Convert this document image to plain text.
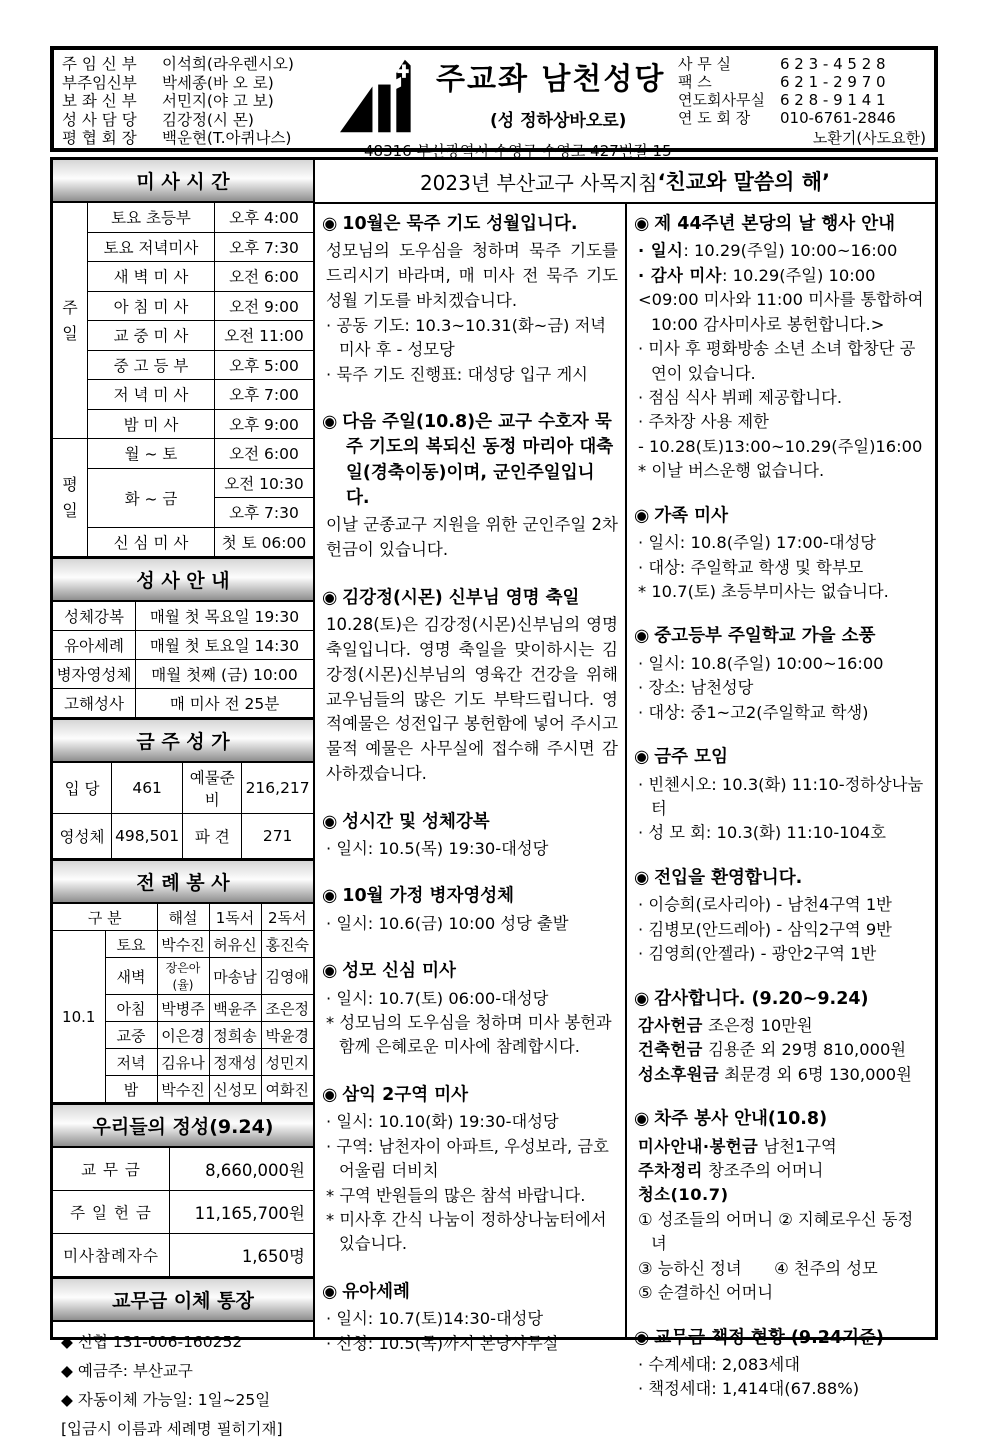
주 임 신 부	이석희(라우렌시오)
부주임신부	박세종(바 오 로)
보 좌 신 부	서민지(야 고 보)
성 사 담 당	김강정(시 몬)
평 협 회 장	백운현(T.아퀴나스)
주교좌 남천성당
(성 정하상바오로)
48316 부산광역시 수영구 수영로 427번길 15
사 무 실	6 2 3 - 4 5 2 8
팩 스	6 2 1 - 2 9 7 0
연도회사무실	6 2 8 - 9 1 4 1
연 도 회 장	010-6761-2846
노환기(사도요한)
미 사 시 간
주일	토요 초등부	오후 4:00
	토요 저녁미사	오후 7:30
	새 벽 미 사	오전 6:00
	아 침 미 사	오전 9:00
	교 중 미 사	오전 11:00
	중 고 등 부	오후 5:00
	저 녁 미 사	오후 7:00
	밤 미 사	오후 9:00
평일	월 ~ 토	오전 6:00
	화 ~ 금	오전 10:30
		오후 7:30
	신 심 미 사	첫 토 06:00
성 사 안 내
성체강복	매월 첫 목요일 19:30
유아세례	매월 첫 토요일 14:30
병자영성체	매월 첫째 (금) 10:00
고해성사	매 미사 전 25분
금 주 성 가
입 당	461	예물준비	216,217
영성체	498,501	파 견	271
전 례 봉 사
구 분		해설	1독서	2독서
10.1	토요	박수진	허유신	홍진숙
	새벽	장은아(율)	마송남	김영애
	아침	박병주	백윤주	조은정
	교중	이은경	정희송	박윤경
	저녁	김유나	정재성	성민지
	밤	박수진	신성모	여화진
우리들의 정성(9.24)
교 무 금	8,660,000원
주 일 헌 금	11,165,700원
미사참례자수	1,650명
교무금 이체 통장
◆ 신협 131-006-160252
◆ 예금주: 부산교구
◆ 자동이체 가능일: 1일~25일
[입금시 이름과 세례명 필히기재]
2023년 부산교구 사목지침 ‘친교와 말씀의 해’
◉ 10월은 묵주 기도 성월입니다.
성모님의 도우심을 청하며 묵주 기도를 드리시기 바라며, 매 미사 전 묵주 기도 성월 기도를 바치겠습니다.
· 공동 기도: 10.3~10.31(화~금) 저녁미사 후 - 성모당
· 묵주 기도 진행표: 대성당 입구 게시
◉ 다음 주일(10.8)은 교구 수호자 묵주 기도의 복되신 동정 마리아 대축일(경축이동)이며, 군인주일입니다.
이날 군종교구 지원을 위한 군인주일 2차헌금이 있습니다.
◉ 김강정(시몬) 신부님 영명 축일
10.28(토)은 김강정(시몬)신부님의 영명 축일입니다. 영명 축일을 맞이하시는 김강정(시몬)신부님의 영육간 건강을 위해 교우님들의 많은 기도 부탁드립니다. 영적예물은 성전입구 봉헌함에 넣어 주시고 물적 예물은 사무실에 접수해 주시면 감사하겠습니다.
◉ 성시간 및 성체강복
· 일시: 10.5(목) 19:30-대성당
◉ 10월 가정 병자영성체
· 일시: 10.6(금) 10:00 성당 출발
◉ 성모 신심 미사
· 일시: 10.7(토) 06:00-대성당
* 성모님의 도우심을 청하며 미사 봉헌과 함께 은혜로운 미사에 참례합시다.
◉ 삼익 2구역 미사
· 일시: 10.10(화) 19:30-대성당
· 구역: 남천자이 아파트, 우성보라, 금호어울림 더비치
* 구역 반원들의 많은 참석 바랍니다.
* 미사후 간식 나눔이 정하상나눔터에서 있습니다.
◉ 유아세례
· 일시: 10.7(토)14:30-대성당
· 신청: 10.5(목)까지 본당사무실
◉ 제 44주년 본당의 날 행사 안내
· 일시: 10.29(주일) 10:00~16:00
· 감사 미사: 10.29(주일) 10:00
<09:00 미사와 11:00 미사를 통합하여 10:00 감사미사로 봉헌합니다.>
· 미사 후 평화방송 소년 소녀 합창단 공연이 있습니다.
· 점심 식사 뷔페 제공합니다.
· 주차장 사용 제한
- 10.28(토)13:00~10.29(주일)16:00
* 이날 버스운행 없습니다.
◉ 가족 미사
· 일시: 10.8(주일) 17:00-대성당
· 대상: 주일학교 학생 및 학부모
* 10.7(토) 초등부미사는 없습니다.
◉ 중고등부 주일학교 가을 소풍
· 일시: 10.8(주일) 10:00~16:00
· 장소: 남천성당
· 대상: 중1~고2(주일학교 학생)
◉ 금주 모임
· 빈첸시오: 10.3(화) 11:10-정하상나눔터
· 성 모 회: 10.3(화) 11:10-104호
◉ 전입을 환영합니다.
· 이승희(로사리아) - 남천4구역 1반
· 김병모(안드레아) - 삼익2구역 9반
· 김영희(안젤라) - 광안2구역 1반
◉ 감사합니다. (9.20~9.24)
감사헌금 조은정 10만원
건축헌금 김용준 외 29명 810,000원
성소후원금 최문경 외 6명 130,000원
◉ 차주 봉사 안내(10.8)
미사안내·봉헌금 남천1구역
주차정리 창조주의 어머니
청소(10.7)
① 성조들의 어머니 ② 지혜로우신 동정녀
③ 능하신 정녀　　④ 천주의 성모
⑤ 순결하신 어머니
◉ 교무금 책정 현황 (9.24기준)
· 수계세대: 2,083세대
· 책정세대: 1,414대(67.88%)
